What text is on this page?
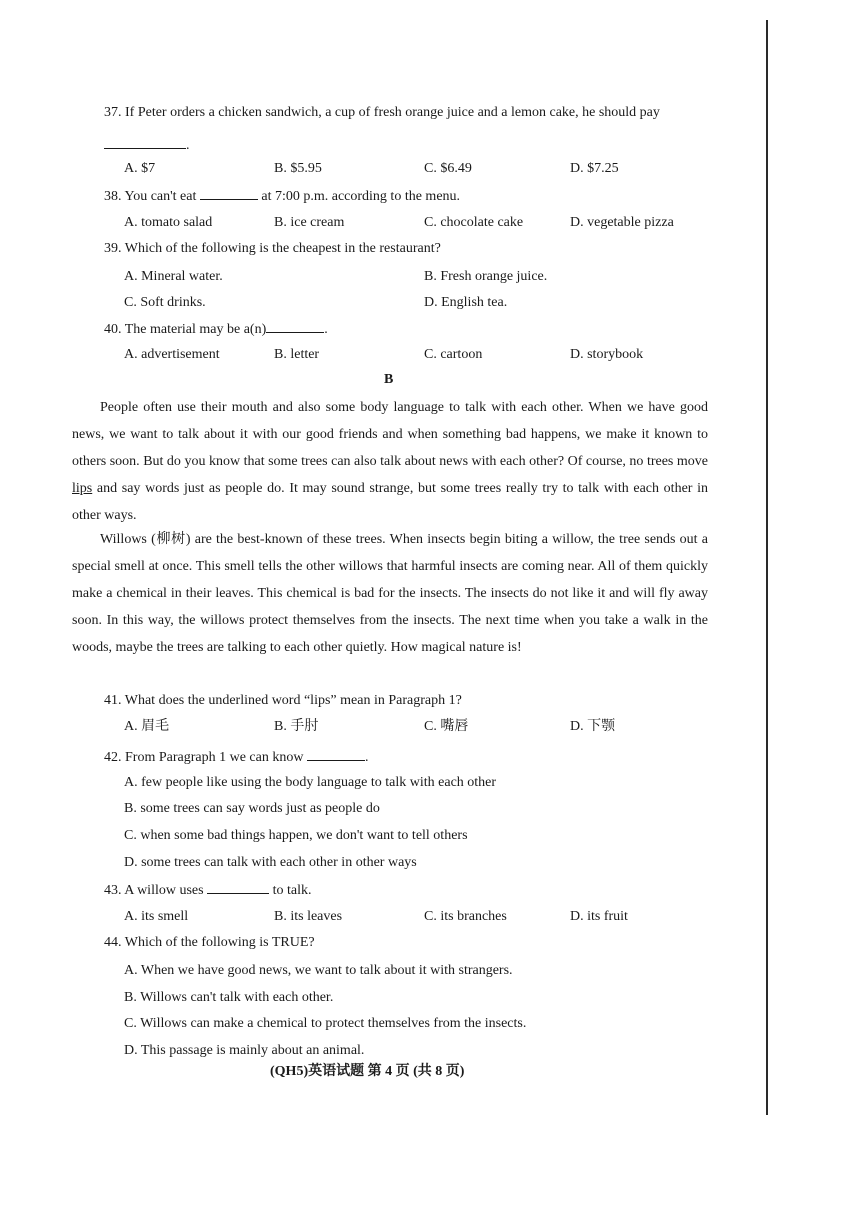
37. If Peter orders a chicken sandwich, a cup of fresh orange juice and a lemon cake, he should pay
.
A. $7	B. $5.95	C. $6.49	D. $7.25
38. You can't eat	at 7:00 p.m. according to the menu.
A. tomato salad	B. ice cream	C. chocolate cake	D. vegetable pizza
39. Which of the following is the cheapest in the restaurant?
A. Mineral water.	B. Fresh orange juice.
C. Soft drinks.	D. English tea.
40. The material may be a(n)	.
A. advertisement	B. letter	C. cartoon	D. storybook
B
People often use their mouth and also some body language to talk with each other. When we have good news, we want to talk about it with our good friends and when something bad happens, we make it known to others soon. But do you know that some trees can also talk about news with each other? Of course, no trees move lips and say words just as people do. It may sound strange, but some trees really try to talk with each other in other ways.
Willows (柳树) are the best-known of these trees. When insects begin biting a willow, the tree sends out a special smell at once. This smell tells the other willows that harmful insects are coming near. All of them quickly make a chemical in their leaves. This chemical is bad for the insects. The insects do not like it and will fly away soon. In this way, the willows protect themselves from the insects. The next time when you take a walk in the woods, maybe the trees are talking to each other quietly. How magical nature is!
41. What does the underlined word “lips” mean in Paragraph 1?
A. 眉毛	B. 手肘	C. 嘴唇	D. 下颚
42. From Paragraph 1 we can know	.
A. few people like using the body language to talk with each other
B. some trees can say words just as people do
C. when some bad things happen, we don't want to tell others
D. some trees can talk with each other in other ways
43. A willow uses	to talk.
A. its smell	B. its leaves	C. its branches	D. its fruit
44. Which of the following is TRUE?
A. When we have good news, we want to talk about it with strangers.
B. Willows can't talk with each other.
C. Willows can make a chemical to protect themselves from the insects.
D. This passage is mainly about an animal.
(QH5)英语试题 第 4 页 (共 8 页)
